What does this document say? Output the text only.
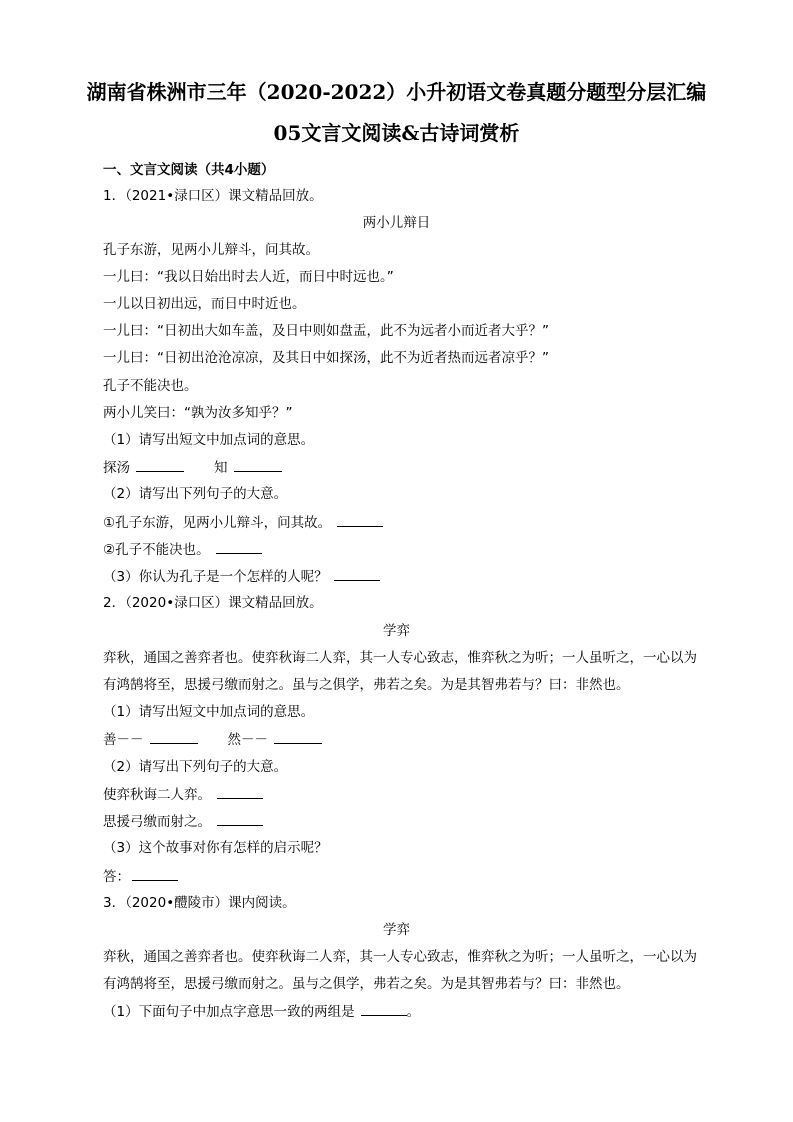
湖南省株洲市三年（2020-2022）小升初语文卷真题分题型分层汇编
05文言文阅读&古诗词赏析
一、文言文阅读（共4小题）
1．（2021•渌口区）课文精品回放。
两小儿辩日
孔子东游，见两小儿辩斗，问其故。
一儿曰：“我以日始出时去人近，而日中时远也。”
一儿以日初出远，而日中时近也。
一儿曰：“日初出大如车盖，及日中则如盘盂，此不为远者小而近者大乎？”
一儿曰：“日初出沧沧凉凉，及其日中如探汤，此不为近者热而远者凉乎？”
孔子不能决也。
两小儿笑曰：“孰为汝多知乎？”
（1）请写出短文中加点词的意思。
探汤	知
（2）请写出下列句子的大意。
①孔子东游，见两小儿辩斗，问其故。
②孔子不能决也。
（3）你认为孔子是一个怎样的人呢？
2．（2020•渌口区）课文精品回放。
学弈
弈秋，通国之善弈者也。使弈秋诲二人弈，其一人专心致志，惟弈秋之为听；一人虽听之，一心以为
有鸿鹄将至，思援弓缴而射之。虽与之俱学，弗若之矣。为是其智弗若与？曰：非然也。
（1）请写出短文中加点词的意思。
善－－	然－－
（2）请写出下列句子的大意。
使弈秋诲二人弈。
思援弓缴而射之。
（3）这个故事对你有怎样的启示呢？
答：
3．（2020•醴陵市）课内阅读。
学弈
弈秋，通国之善弈者也。使弈秋诲二人弈，其一人专心致志，惟弈秋之为听；一人虽听之，一心以为
有鸿鹄将至，思援弓缴而射之。虽与之俱学，弗若之矣。为是其智弗若与？曰：非然也。
（1）下面句子中加点字意思一致的两组是	。
